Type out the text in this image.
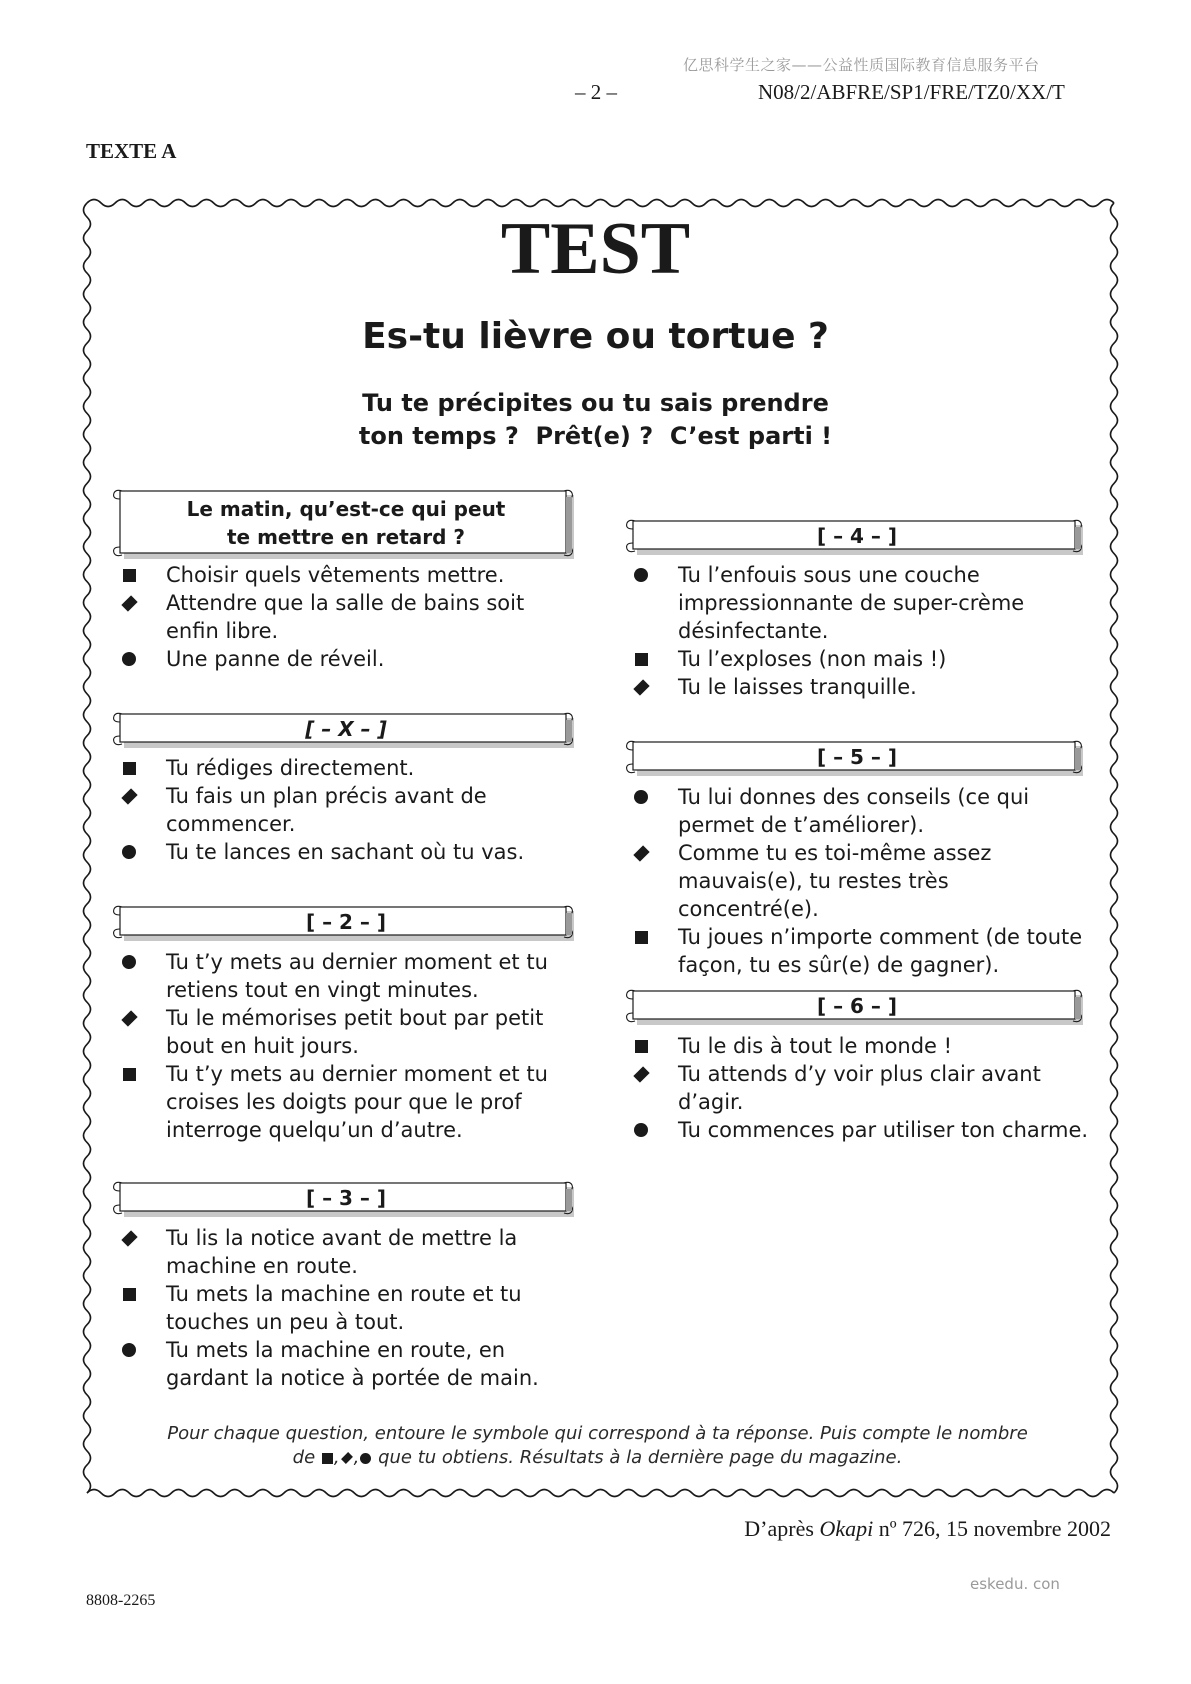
亿思科学生之家——公益性质国际教育信息服务平台
– 2 –	N08/2/ABFRE/SP1/FRE/TZ0/XX/T
TEXTE A
TEST
Es-tu lièvre ou tortue ?
Tu te précipites ou tu sais prendre
ton temps ?  Prêt(e) ?  C’est parti !
Le matin, qu’est-ce qui peut
te mettre en retard ?
Choisir quels vêtements mettre.
Attendre que la salle de bains soit enfin libre.
Une panne de réveil.
[ – X – ]
Tu rédiges directement.
Tu fais un plan précis avant de commencer.
Tu te lances en sachant où tu vas.
[ – 2 – ]
Tu t’y mets au dernier moment et tu retiens tout en vingt minutes.
Tu le mémorises petit bout par petit bout en huit jours.
Tu t’y mets au dernier moment et tu croises les doigts pour que le prof interroge quelqu’un d’autre.
[ – 3 – ]
Tu lis la notice avant de mettre la machine en route.
Tu mets la machine en route et tu touches un peu à tout.
Tu mets la machine en route, en gardant la notice à portée de main.
[ – 4 – ]
Tu l’enfouis sous une couche impressionnante de super-crème désinfectante.
Tu l’exploses (non mais !)
Tu le laisses tranquille.
[ – 5 – ]
Tu lui donnes des conseils (ce qui permet de t’améliorer).
Comme tu es toi-même assez mauvais(e), tu restes très concentré(e).
Tu joues n’importe comment (de toute façon, tu es sûr(e) de gagner).
[ – 6 – ]
Tu le dis à tout le monde !
Tu attends d’y voir plus clair avant d’agir.
Tu commences par utiliser ton charme.
Pour chaque question, entoure le symbole qui correspond à ta réponse. Puis compte le nombre
de , , que tu obtiens. Résultats à la dernière page du magazine.
D’après Okapi nº 726, 15 novembre 2002
eskedu. con
8808-2265
